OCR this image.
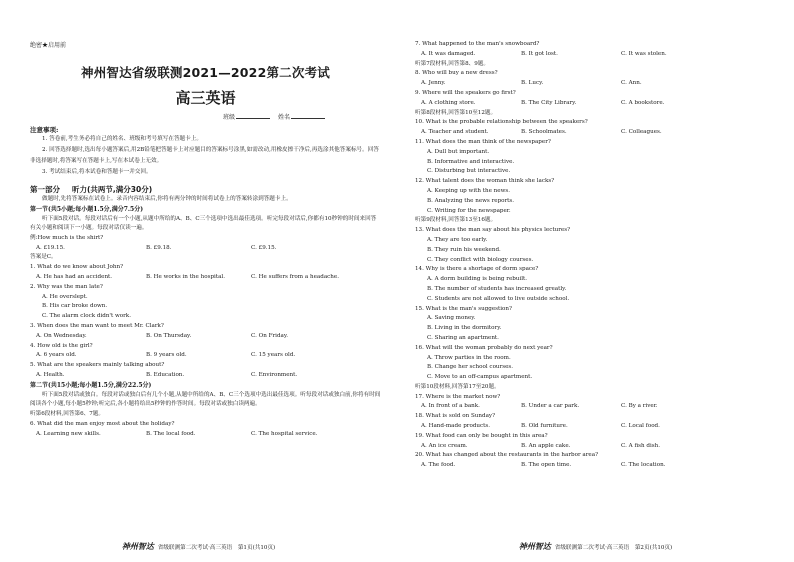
绝密★启用前
神州智达省级联测2021—2022第二次考试
高三英语
班级	姓名
注意事项:
1. 答卷前,考生务必将自己的姓名、班级和考号填写在答题卡上。
2. 回答选择题时,选出每小题答案后,用2B铅笔把答题卡上对应题目的答案标号涂黑,如需改动,用橡皮擦干净后,再选涂其他答案标号。回答非选择题时,将答案写在答题卡上,写在本试卷上无效。
3. 考试结束后,将本试卷和答题卡一并交回。
第一部分 听力(共两节,满分30分)
做题时,先将答案标在试卷上。录音内容结束后,你将有两分钟的时间将试卷上的答案转涂到答题卡上。
第一节(共5小题;每小题1.5分,满分7.5分)
听下面5段对话。每段对话后有一个小题,从题中所给的A、B、C三个选项中选出最佳选项。听完每段对话后,你都有10秒钟的时间来回答有关小题和阅读下一小题。每段对话仅读一遍。
例:How much is the shirt?
A. £19.15.	B. £9.18.	C. £9.15.
答案是C。
1. What do we know about John?
A. He has had an accident.	B. He works in the hospital.	C. He suffers from a headache.
2. Why was the man late?
A. He overslept.
B. His car broke down.
C. The alarm clock didn't work.
3. When does the man want to meet Mr. Clark?
A. On Wednesday.	B. On Thursday.	C. On Friday.
4. How old is the girl?
A. 6 years old.	B. 9 years old.	C. 15 years old.
5. What are the speakers mainly talking about?
A. Health.	B. Education.	C. Environment.
第二节(共15小题;每小题1.5分,满分22.5分)
听下面5段对话或独白。每段对话或独白后有几个小题,从题中所给的A、B、C三个选项中选出最佳选项。听每段对话或独白前,你将有时间阅读各个小题,每小题5秒钟;听完后,各小题将给出5秒钟的作答时间。每段对话或独白读两遍。
听第6段材料,回答第6、7题。
6. What did the man enjoy most about the holiday?
A. Learning new skills.	B. The local food.	C. The hospital service.
神州智达 省级联测第二次考试·高三英语　第1页(共10页)
7. What happened to the man's snowboard?
A. It was damaged.	B. It got lost.	C. It was stolen.
听第7段材料,回答第8、9题。
8. Who will buy a new dress?
A. Jenny.	B. Lucy.	C. Ann.
9. Where will the speakers go first?
A. A clothing store.	B. The City Library.	C. A bookstore.
听第8段材料,回答第10至12题。
10. What is the probable relationship between the speakers?
A. Teacher and student.	B. Schoolmates.	C. Colleagues.
11. What does the man think of the newspaper?
A. Dull but important.
B. Informative and interactive.
C. Disturbing but interactive.
12. What talent does the woman think she lacks?
A. Keeping up with the news.
B. Analyzing the news reports.
C. Writing for the newspaper.
听第9段材料,回答第13至16题。
13. What does the man say about his physics lectures?
A. They are too early.
B. They ruin his weekend.
C. They conflict with biology courses.
14. Why is there a shortage of dorm space?
A. A dorm building is being rebuilt.
B. The number of students has increased greatly.
C. Students are not allowed to live outside school.
15. What is the man's suggestion?
A. Saving money.
B. Living in the dormitory.
C. Sharing an apartment.
16. What will the woman probably do next year?
A. Throw parties in the room.
B. Change her school courses.
C. Move to an off-campus apartment.
听第10段材料,回答第17至20题。
17. Where is the market now?
A. In front of a bank.	B. Under a car park.	C. By a river.
18. What is sold on Sunday?
A. Hand-made products.	B. Old furniture.	C. Local food.
19. What food can only be bought in this area?
A. An ice cream.	B. An apple cake.	C. A fish dish.
20. What has changed about the restaurants in the harbor area?
A. The food.	B. The open time.	C. The location.
神州智达 省级联测第二次考试·高三英语　第2页(共10页)
